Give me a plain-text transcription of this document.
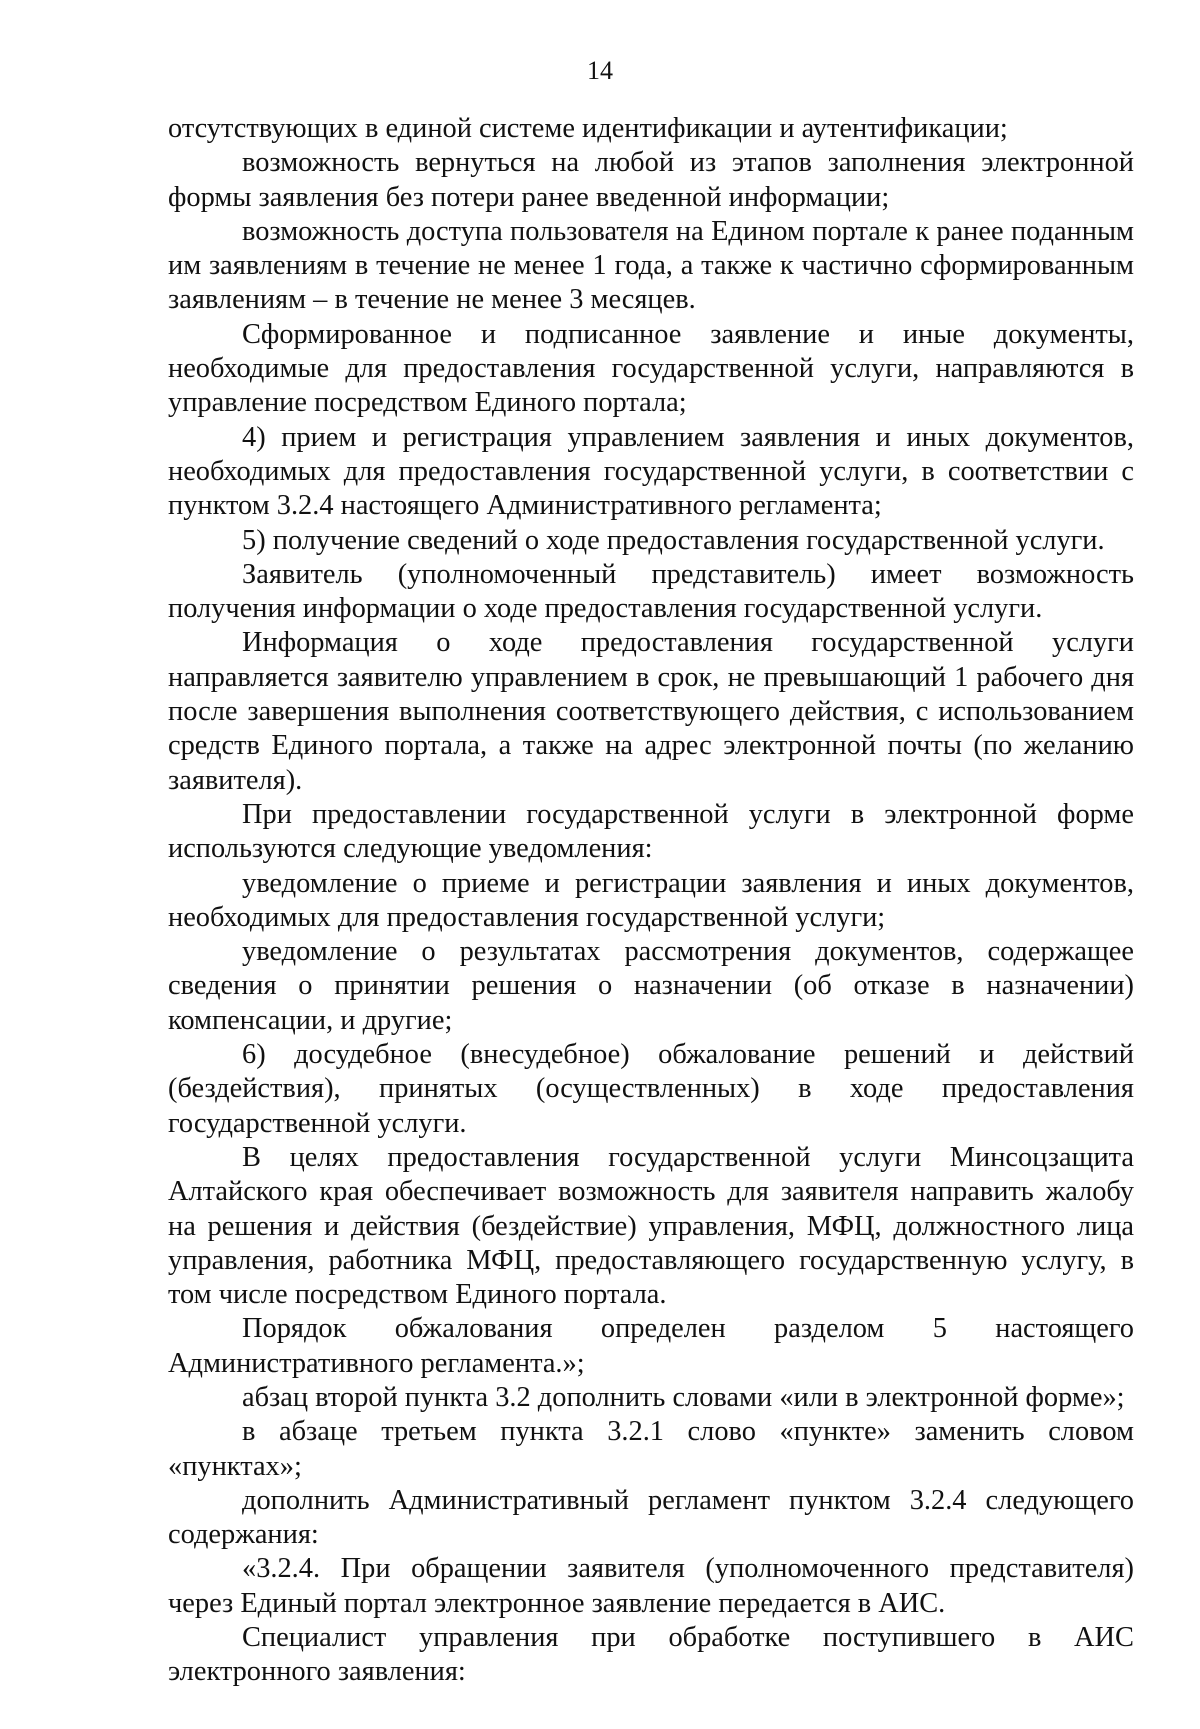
14

отсутствующих в единой системе идентификации и аутентификации;

возможность вернуться на любой из этапов заполнения электронной формы заявления без потери ранее введенной информации;

возможность доступа пользователя на Едином портале к ранее поданным им заявлениям в течение не менее 1 года, а также к частично сформированным заявлениям – в течение не менее 3 месяцев.

Сформированное и подписанное заявление и иные документы, необходимые для предоставления государственной услуги, направляются в управление посредством Единого портала;

4) прием и регистрация управлением заявления и иных документов, необходимых для предоставления государственной услуги, в соответствии с пунктом 3.2.4 настоящего Административного регламента;

5) получение сведений о ходе предоставления государственной услуги.

Заявитель (уполномоченный представитель) имеет возможность получения информации о ходе предоставления государственной услуги.

Информация о ходе предоставления государственной услуги направляется заявителю управлением в срок, не превышающий 1 рабочего дня после завершения выполнения соответствующего действия, с использованием средств Единого портала, а также на адрес электронной почты (по желанию заявителя).

При предоставлении государственной услуги в электронной форме используются следующие уведомления:

уведомление о приеме и регистрации заявления и иных документов, необходимых для предоставления государственной услуги;

уведомление о результатах рассмотрения документов, содержащее сведения о принятии решения о назначении (об отказе в назначении) компенсации, и другие;

6) досудебное (внесудебное) обжалование решений и действий (бездействия), принятых (осуществленных) в ходе предоставления государственной услуги.

В целях предоставления государственной услуги Минсоцзащита Алтайского края обеспечивает возможность для заявителя направить жалобу на решения и действия (бездействие) управления, МФЦ, должностного лица управления, работника МФЦ, предоставляющего государственную услугу, в том числе посредством Единого портала.

Порядок обжалования определен разделом 5 настоящего Административного регламента.»;

абзац второй пункта 3.2 дополнить словами «или в электронной форме»;

в абзаце третьем пункта 3.2.1 слово «пункте» заменить словом «пунктах»;

дополнить Административный регламент пунктом 3.2.4 следующего содержания:

«3.2.4. При обращении заявителя (уполномоченного представителя) через Единый портал электронное заявление передается в АИС.

Специалист управления при обработке поступившего в АИС электронного заявления:
